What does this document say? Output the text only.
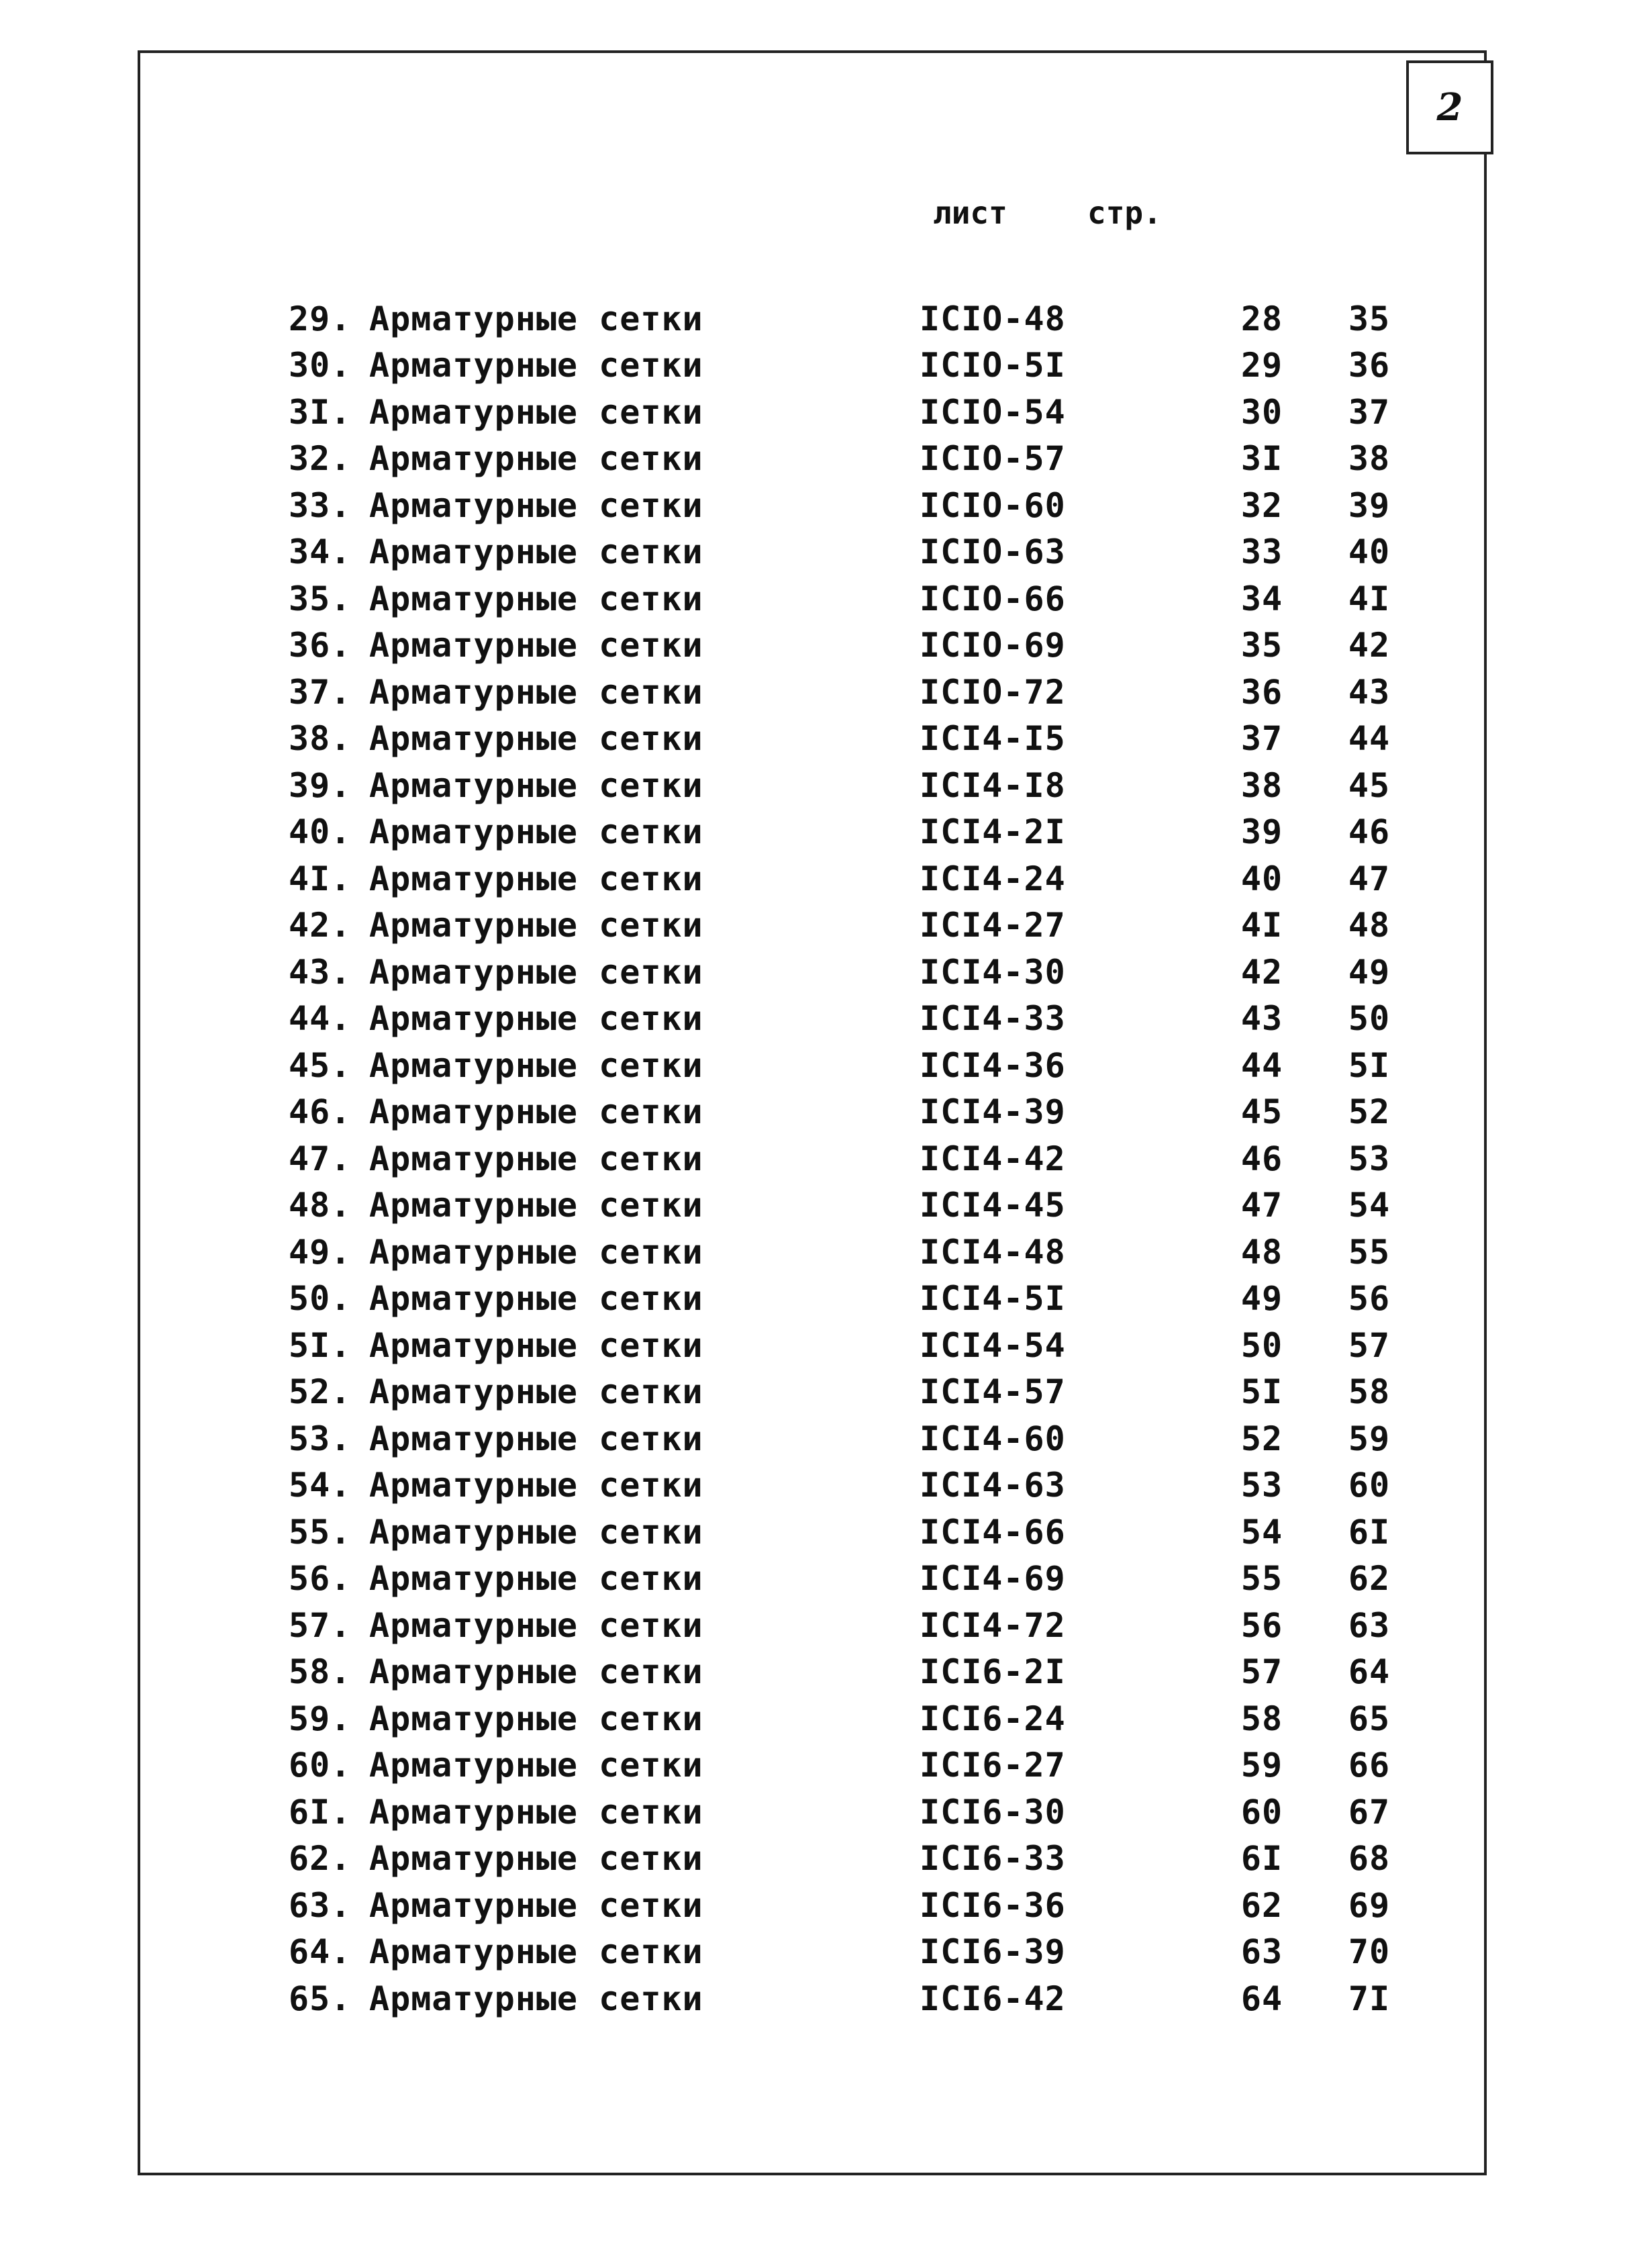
2
лист	стр.
29. Арматурные сетки	IСIО-48	28	35
30. Арматурные сетки	IСIО-5I	29	36
3I. Арматурные сетки	IСIО-54	30	37
32. Арматурные сетки	IСIО-57	3I	38
33. Арматурные сетки	IСIО-60	32	39
34. Арматурные сетки	IСIО-63	33	40
35. Арматурные сетки	IСIО-66	34	4I
36. Арматурные сетки	IСIО-69	35	42
37. Арматурные сетки	IСIО-72	36	43
38. Арматурные сетки	IСI4-I5	37	44
39. Арматурные сетки	IСI4-I8	38	45
40. Арматурные сетки	IСI4-2I	39	46
4I. Арматурные сетки	IСI4-24	40	47
42. Арматурные сетки	IСI4-27	4I	48
43. Арматурные сетки	IСI4-30	42	49
44. Арматурные сетки	IСI4-33	43	50
45. Арматурные сетки	IСI4-36	44	5I
46. Арматурные сетки	IСI4-39	45	52
47. Арматурные сетки	IСI4-42	46	53
48. Арматурные сетки	IСI4-45	47	54
49. Арматурные сетки	IСI4-48	48	55
50. Арматурные сетки	IСI4-5I	49	56
5I. Арматурные сетки	IСI4-54	50	57
52. Арматурные сетки	IСI4-57	5I	58
53. Арматурные сетки	IСI4-60	52	59
54. Арматурные сетки	IСI4-63	53	60
55. Арматурные сетки	IСI4-66	54	6I
56. Арматурные сетки	IСI4-69	55	62
57. Арматурные сетки	IСI4-72	56	63
58. Арматурные сетки	IСI6-2I	57	64
59. Арматурные сетки	IСI6-24	58	65
60. Арматурные сетки	IСI6-27	59	66
6I. Арматурные сетки	IСI6-30	60	67
62. Арматурные сетки	IСI6-33	6I	68
63. Арматурные сетки	IСI6-36	62	69
64. Арматурные сетки	IСI6-39	63	70
65. Арматурные сетки	IСI6-42	64	7I
